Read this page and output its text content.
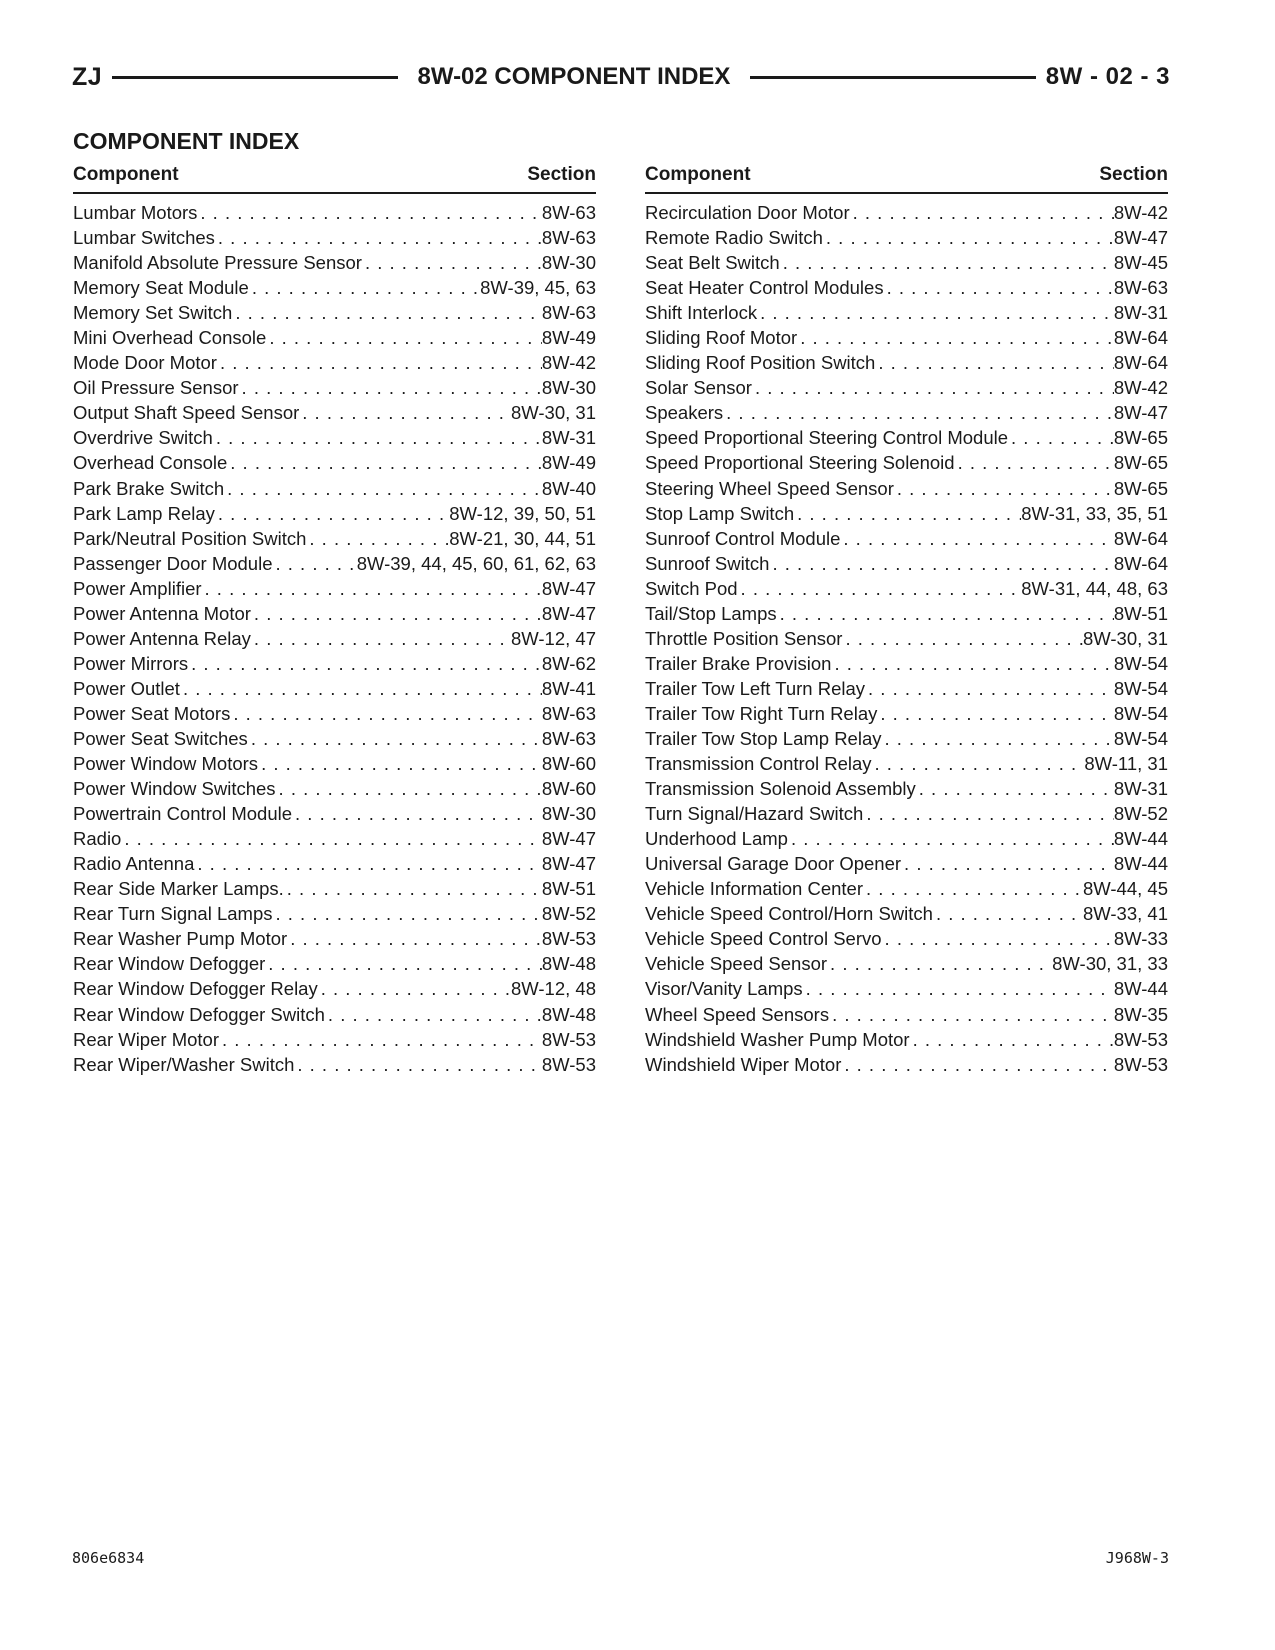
ZJ	8W-02 COMPONENT INDEX	8W - 02 - 3
COMPONENT INDEX
Component	Section
Lumbar Motors . . .	8W-63
Lumbar Switches . . .	8W-63
Manifold Absolute Pressure Sensor . . .	8W-30
Memory Seat Module . . .	8W-39, 45, 63
Memory Set Switch . . .	8W-63
Mini Overhead Console . . .	8W-49
Mode Door Motor . . .	8W-42
Oil Pressure Sensor . . .	8W-30
Output Shaft Speed Sensor . . .	8W-30, 31
Overdrive Switch . . .	8W-31
Overhead Console . . .	8W-49
Park Brake Switch . . .	8W-40
Park Lamp Relay . . .	8W-12, 39, 50, 51
Park/Neutral Position Switch . . .	8W-21, 30, 44, 51
Passenger Door Module . . .	8W-39, 44, 45, 60, 61, 62, 63
Power Amplifier . . .	8W-47
Power Antenna Motor . . .	8W-47
Power Antenna Relay . . .	8W-12, 47
Power Mirrors . . .	8W-62
Power Outlet . . .	8W-41
Power Seat Motors . . .	8W-63
Power Seat Switches . . .	8W-63
Power Window Motors . . .	8W-60
Power Window Switches . . .	8W-60
Powertrain Control Module . . .	8W-30
Radio . . .	8W-47
Radio Antenna . . .	8W-47
Rear Side Marker Lamps. . . .	8W-51
Rear Turn Signal Lamps . . .	8W-52
Rear Washer Pump Motor . . .	8W-53
Rear Window Defogger . . .	8W-48
Rear Window Defogger Relay . . .	8W-12, 48
Rear Window Defogger Switch . . .	8W-48
Rear Wiper Motor . . .	8W-53
Rear Wiper/Washer Switch . . .	8W-53
Component	Section
Recirculation Door Motor . . .	8W-42
Remote Radio Switch . . .	8W-47
Seat Belt Switch . . .	8W-45
Seat Heater Control Modules . . .	8W-63
Shift Interlock . . .	8W-31
Sliding Roof Motor . . .	8W-64
Sliding Roof Position Switch . . .	8W-64
Solar Sensor . . .	8W-42
Speakers . . .	8W-47
Speed Proportional Steering Control Module . . .	8W-65
Speed Proportional Steering Solenoid . . .	8W-65
Steering Wheel Speed Sensor . . .	8W-65
Stop Lamp Switch . . .	8W-31, 33, 35, 51
Sunroof Control Module . . .	8W-64
Sunroof Switch . . .	8W-64
Switch Pod . . .	8W-31, 44, 48, 63
Tail/Stop Lamps . . .	8W-51
Throttle Position Sensor . . .	8W-30, 31
Trailer Brake Provision . . .	8W-54
Trailer Tow Left Turn Relay . . .	8W-54
Trailer Tow Right Turn Relay . . .	8W-54
Trailer Tow Stop Lamp Relay . . .	8W-54
Transmission Control Relay . . .	8W-11, 31
Transmission Solenoid Assembly . . .	8W-31
Turn Signal/Hazard Switch . . .	8W-52
Underhood Lamp . . .	8W-44
Universal Garage Door Opener . . .	8W-44
Vehicle Information Center . . .	8W-44, 45
Vehicle Speed Control/Horn Switch . . .	8W-33, 41
Vehicle Speed Control Servo . . .	8W-33
Vehicle Speed Sensor . . .	8W-30, 31, 33
Visor/Vanity Lamps . . .	8W-44
Wheel Speed Sensors . . .	8W-35
Windshield Washer Pump Motor . . .	8W-53
Windshield Wiper Motor . . .	8W-53
806e6834	J968W-3
